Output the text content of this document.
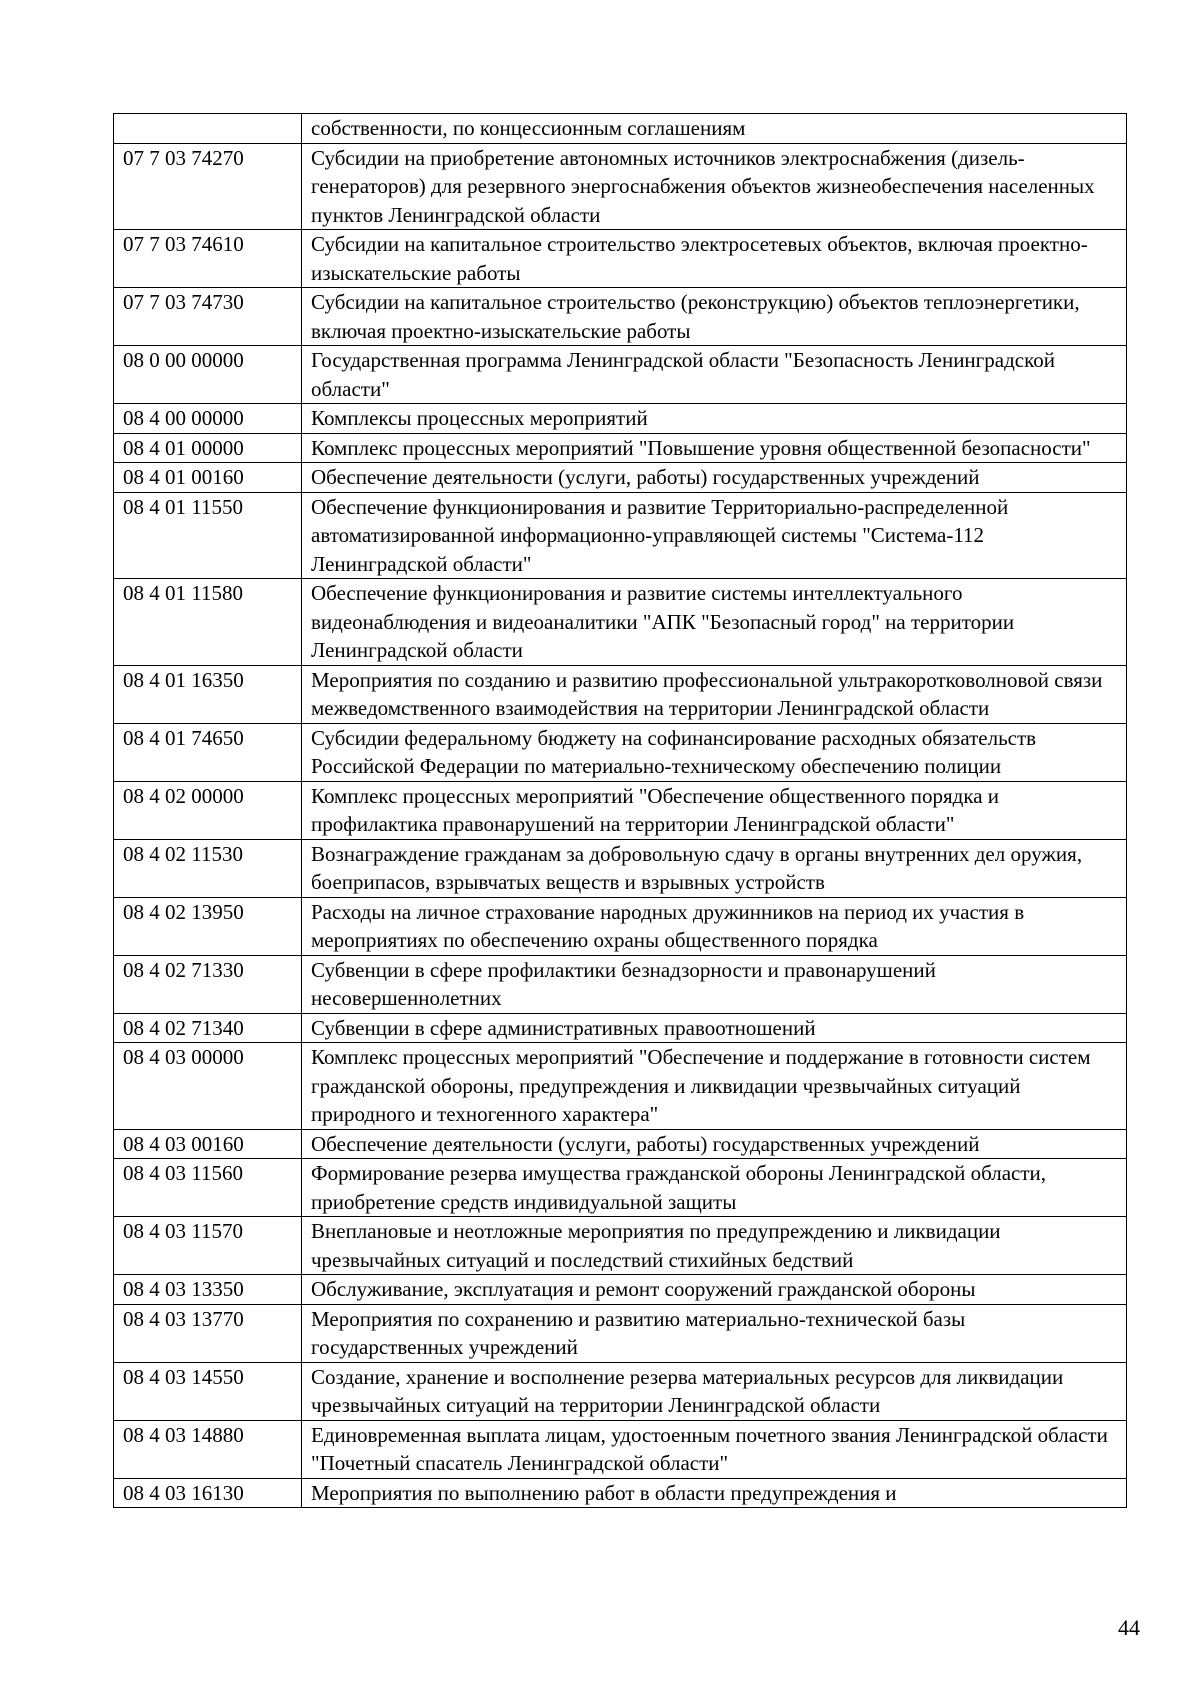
	собственности, по концессионным соглашениям
07 7 03 74270	Субсидии на приобретение автономных источников электроснабжения (дизель-генераторов) для резервного энергоснабжения объектов жизнеобеспечения населенных пунктов Ленинградской области
07 7 03 74610	Субсидии на капитальное строительство электросетевых объектов, включая проектно-изыскательские работы
07 7 03 74730	Субсидии на капитальное строительство (реконструкцию) объектов теплоэнергетики, включая проектно-изыскательские работы
08 0 00 00000	Государственная программа Ленинградской области "Безопасность Ленинградской области"
08 4 00 00000	Комплексы процессных мероприятий
08 4 01 00000	Комплекс процессных мероприятий "Повышение уровня общественной безопасности"
08 4 01 00160	Обеспечение деятельности (услуги, работы) государственных учреждений
08 4 01 11550	Обеспечение функционирования и развитие Территориально-распределенной автоматизированной информационно-управляющей системы "Система-112 Ленинградской области"
08 4 01 11580	Обеспечение функционирования и развитие системы интеллектуального видеонаблюдения и видеоаналитики "АПК "Безопасный город" на территории Ленинградской области
08 4 01 16350	Мероприятия по созданию и развитию профессиональной ультракоротковолновой связи межведомственного взаимодействия на территории Ленинградской области
08 4 01 74650	Субсидии федеральному бюджету на софинансирование расходных обязательств Российской Федерации по материально-техническому обеспечению полиции
08 4 02 00000	Комплекс процессных мероприятий "Обеспечение общественного порядка и профилактика правонарушений на территории Ленинградской области"
08 4 02 11530	Вознаграждение гражданам за добровольную сдачу в органы внутренних дел оружия, боеприпасов, взрывчатых веществ и взрывных устройств
08 4 02 13950	Расходы на личное страхование народных дружинников на период их участия в мероприятиях по обеспечению охраны общественного порядка
08 4 02 71330	Субвенции в сфере профилактики безнадзорности и правонарушений несовершеннолетних
08 4 02 71340	Субвенции в сфере административных правоотношений
08 4 03 00000	Комплекс процессных мероприятий "Обеспечение и поддержание в готовности систем гражданской обороны, предупреждения и ликвидации чрезвычайных ситуаций природного и техногенного характера"
08 4 03 00160	Обеспечение деятельности (услуги, работы) государственных учреждений
08 4 03 11560	Формирование резерва имущества гражданской обороны Ленинградской области, приобретение средств индивидуальной защиты
08 4 03 11570	Внеплановые и неотложные мероприятия по предупреждению и ликвидации чрезвычайных ситуаций и последствий стихийных бедствий
08 4 03 13350	Обслуживание, эксплуатация и ремонт сооружений гражданской обороны
08 4 03 13770	Мероприятия по сохранению и развитию материально-технической базы государственных учреждений
08 4 03 14550	Создание, хранение и восполнение резерва материальных ресурсов для ликвидации чрезвычайных ситуаций на территории Ленинградской области
08 4 03 14880	Единовременная выплата лицам, удостоенным почетного звания Ленинградской области "Почетный спасатель Ленинградской области"
08 4 03 16130	Мероприятия по выполнению работ в области предупреждения и
44
